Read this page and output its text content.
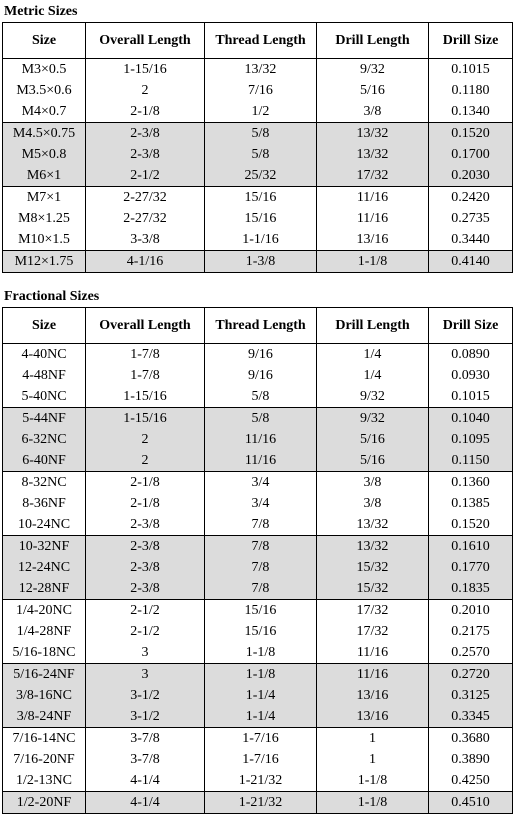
Metric Sizes
Size	Overall Length	Thread Length	Drill Length	Drill Size
M3×0.5	1-15/16	13/32	9/32	0.1015
M3.5×0.6	2	7/16	5/16	0.1180
M4×0.7	2-1/8	1/2	3/8	0.1340
M4.5×0.75	2-3/8	5/8	13/32	0.1520
M5×0.8	2-3/8	5/8	13/32	0.1700
M6×1	2-1/2	25/32	17/32	0.2030
M7×1	2-27/32	15/16	11/16	0.2420
M8×1.25	2-27/32	15/16	11/16	0.2735
M10×1.5	3-3/8	1-1/16	13/16	0.3440
M12×1.75	4-1/16	1-3/8	1-1/8	0.4140
Fractional Sizes
Size	Overall Length	Thread Length	Drill Length	Drill Size
4-40NC	1-7/8	9/16	1/4	0.0890
4-48NF	1-7/8	9/16	1/4	0.0930
5-40NC	1-15/16	5/8	9/32	0.1015
5-44NF	1-15/16	5/8	9/32	0.1040
6-32NC	2	11/16	5/16	0.1095
6-40NF	2	11/16	5/16	0.1150
8-32NC	2-1/8	3/4	3/8	0.1360
8-36NF	2-1/8	3/4	3/8	0.1385
10-24NC	2-3/8	7/8	13/32	0.1520
10-32NF	2-3/8	7/8	13/32	0.1610
12-24NC	2-3/8	7/8	15/32	0.1770
12-28NF	2-3/8	7/8	15/32	0.1835
1/4-20NC	2-1/2	15/16	17/32	0.2010
1/4-28NF	2-1/2	15/16	17/32	0.2175
5/16-18NC	3	1-1/8	11/16	0.2570
5/16-24NF	3	1-1/8	11/16	0.2720
3/8-16NC	3-1/2	1-1/4	13/16	0.3125
3/8-24NF	3-1/2	1-1/4	13/16	0.3345
7/16-14NC	3-7/8	1-7/16	1	0.3680
7/16-20NF	3-7/8	1-7/16	1	0.3890
1/2-13NC	4-1/4	1-21/32	1-1/8	0.4250
1/2-20NF	4-1/4	1-21/32	1-1/8	0.4510
